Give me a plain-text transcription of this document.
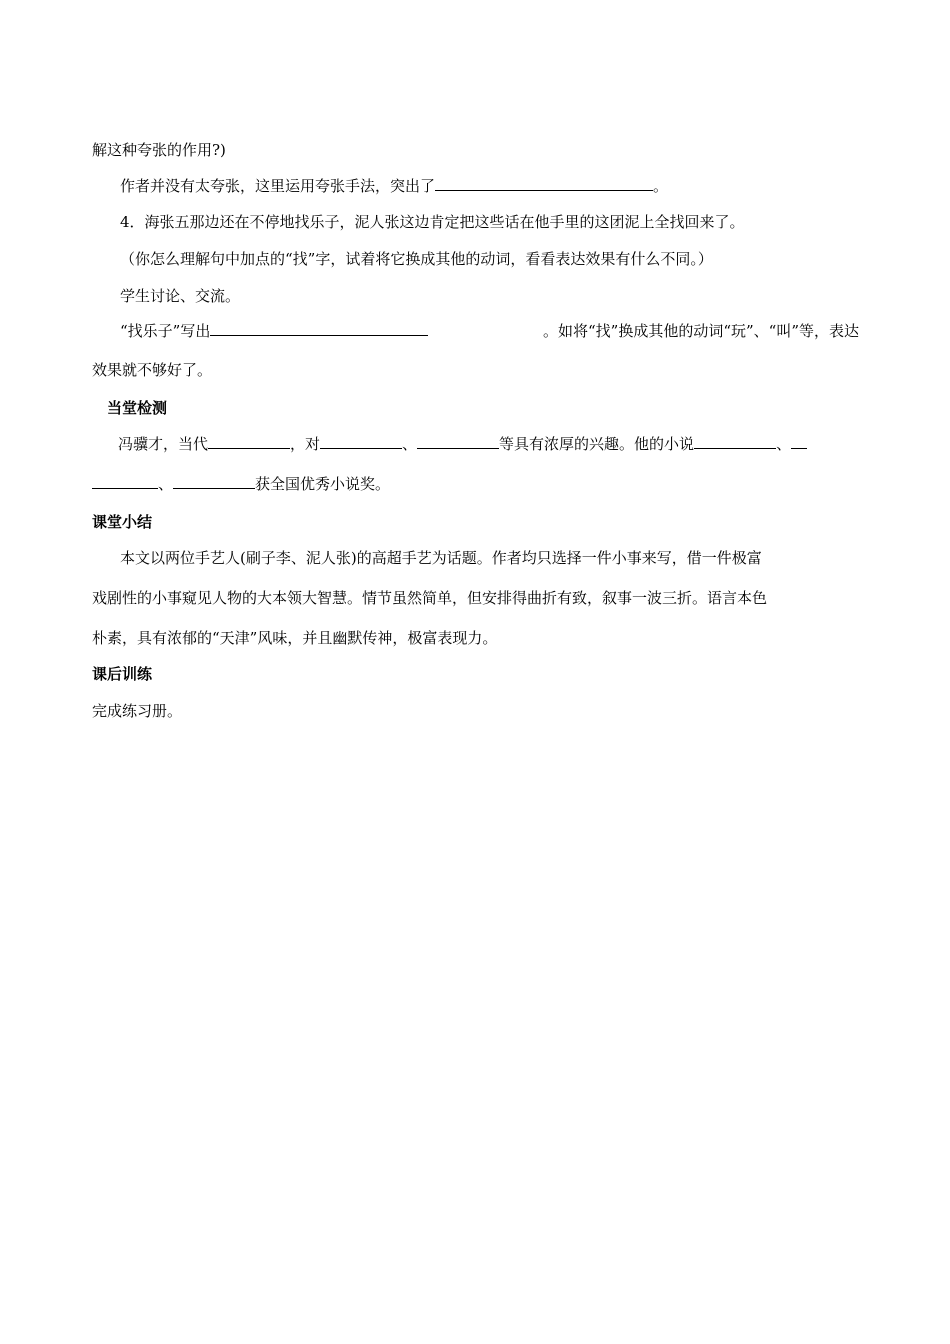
解这种夸张的作用?)
作者并没有太夸张，这里运用夸张手法，突出了	。
4．海张五那边还在不停地找乐子，泥人张这边肯定把这些话在他手里的这团泥上全找回来了。
（你怎么理解句中加点的“找”字，试着将它换成其他的动词，看看表达效果有什么不同。）
学生讨论、交流。
“找乐子”写出	。如将“找”换成其他的动词“玩”、“叫”等，表达
效果就不够好了。
当堂检测
冯骥才，当代	，对	、	等具有浓厚的兴趣。他的小说	、
、	获全国优秀小说奖。
课堂小结
本文以两位手艺人(刷子李、泥人张)的高超手艺为话题。作者均只选择一件小事来写，借一件极富
戏剧性的小事窥见人物的大本领大智慧。情节虽然简单，但安排得曲折有致，叙事一波三折。语言本色
朴素，具有浓郁的“天津”风味，并且幽默传神，极富表现力。
课后训练
完成练习册。
